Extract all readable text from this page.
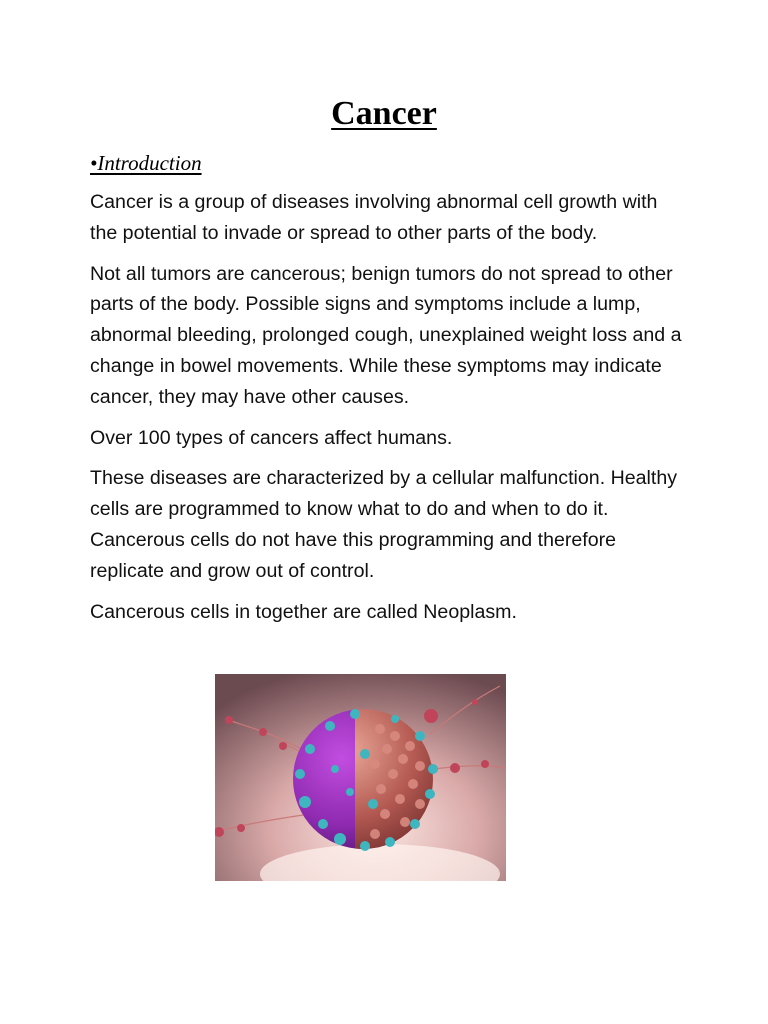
Cancer
•Introduction

Cancer is a group of diseases involving abnormal cell growth with the potential to invade or spread to other parts of the body.

Not all tumors are cancerous; benign tumors do not spread to other parts of the body. Possible signs and symptoms include a lump, abnormal bleeding, prolonged cough, unexplained weight loss and a change in bowel movements. While these symptoms may indicate cancer, they may have other causes.

Over 100 types of cancers affect humans.

These diseases are characterized by a cellular malfunction. Healthy cells are programmed to know what to do and when to do it. Cancerous cells do not have this programming and therefore replicate and grow out of control.

Cancerous cells in together are called Neoplasm.
